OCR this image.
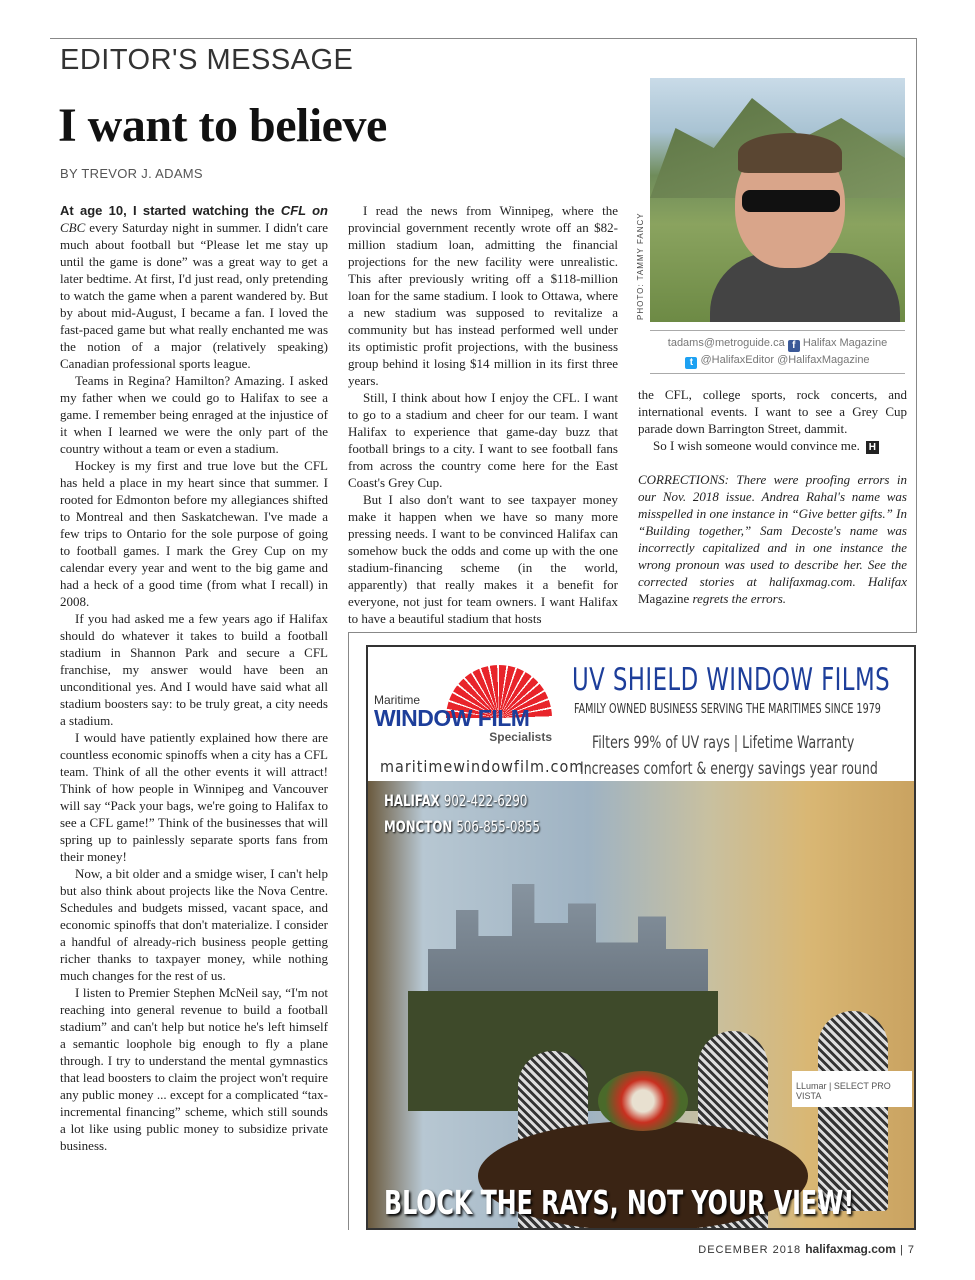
EDITOR'S MESSAGE
I want to believe
BY TREVOR J. ADAMS

At age 10, I started watching the CFL on CBC every Saturday night in summer. I didn't care much about football but “Please let me stay up until the game is done” was a great way to get a later bedtime. At first, I'd just read, only pretending to watch the game when a parent wandered by. But by about mid-August, I became a fan. I loved the fast-paced game but what really enchanted me was the notion of a major (relatively speaking) Canadian professional sports league.

Teams in Regina? Hamilton? Amazing. I asked my father when we could go to Halifax to see a game. I remember being enraged at the injustice of it when I learned we were the only part of the country without a team or even a stadium.

Hockey is my first and true love but the CFL has held a place in my heart since that summer. I rooted for Edmonton before my allegiances shifted to Montreal and then Saskatchewan. I've made a few trips to Ontario for the sole purpose of going to football games. I mark the Grey Cup on my calendar every year and went to the big game and had a heck of a good time (from what I recall) in 2008.

If you had asked me a few years ago if Halifax should do whatever it takes to build a football stadium in Shannon Park and secure a CFL franchise, my answer would have been an unconditional yes. And I would have said what all stadium boosters say: to be truly great, a city needs a stadium.

I would have patiently explained how there are countless economic spinoffs when a city has a CFL team. Think of all the other events it will attract! Think of how people in Winnipeg and Vancouver will say “Pack your bags, we're going to Halifax to see a CFL game!” Think of the businesses that will spring up to painlessly separate sports fans from their money!

Now, a bit older and a smidge wiser, I can't help but also think about projects like the Nova Centre. Schedules and budgets missed, vacant space, and economic spinoffs that don't materialize. I consider a handful of already-rich business people getting richer thanks to taxpayer money, while nothing much changes for the rest of us.

I listen to Premier Stephen McNeil say, “I'm not reaching into general revenue to build a football stadium” and can't help but notice he's left himself a semantic loophole big enough to fly a plane through. I try to understand the mental gymnastics that lead boosters to claim the project won't require any public money ... except for a complicated “tax-incremental financing” scheme, which still sounds a lot like using public money to subsidize private business.

I read the news from Winnipeg, where the provincial government recently wrote off an $82-million stadium loan, admitting the financial projections for the new facility were unrealistic. This after previously writing off a $118-million loan for the same stadium. I look to Ottawa, where a new stadium was supposed to revitalize a community but has instead performed well under its optimistic profit projections, with the business group behind it losing $14 million in its first three years.

Still, I think about how I enjoy the CFL. I want to go to a stadium and cheer for our team. I want Halifax to experience that game-day buzz that football brings to a city. I want to see football fans from across the country come here for the East Coast's Grey Cup.

But I also don't want to see taxpayer money make it happen when we have so many more pressing needs. I want to be convinced Halifax can somehow buck the odds and come up with the one stadium-financing scheme (in the world, apparently) that really makes it a benefit for everyone, not just for team owners. I want Halifax to have a beautiful stadium that hosts

PHOTO: TAMMY FANCY
tadams@metroguide.ca f Halifax Magazine
t @HalifaxEditor @HalifaxMagazine

the CFL, college sports, rock concerts, and international events. I want to see a Grey Cup parade down Barrington Street, dammit.

So I wish someone would convince me. H

CORRECTIONS: There were proofing errors in our Nov. 2018 issue. Andrea Rahal's name was misspelled in one instance in “Give better gifts.” In “Building together,” Sam Decoste's name was incorrectly capitalized and in one instance the wrong pronoun was used to describe her. See the corrected stories at halifaxmag.com. Halifax Magazine regrets the errors.

Maritime
WINDOW FILM
Specialists
maritimewindowfilm.com
UV SHIELD WINDOW FILMS
FAMILY OWNED BUSINESS SERVING THE MARITIMES SINCE 1979
Filters 99% of UV rays | Lifetime Warranty
Increases comfort & energy savings year round
HALIFAX 902-422-6290
MONCTON 506-855-0855
LLumar | SELECT PRO VISTA
BLOCK THE RAYS, NOT YOUR VIEW!
DECEMBER 2018 halifaxmag.com | 7
